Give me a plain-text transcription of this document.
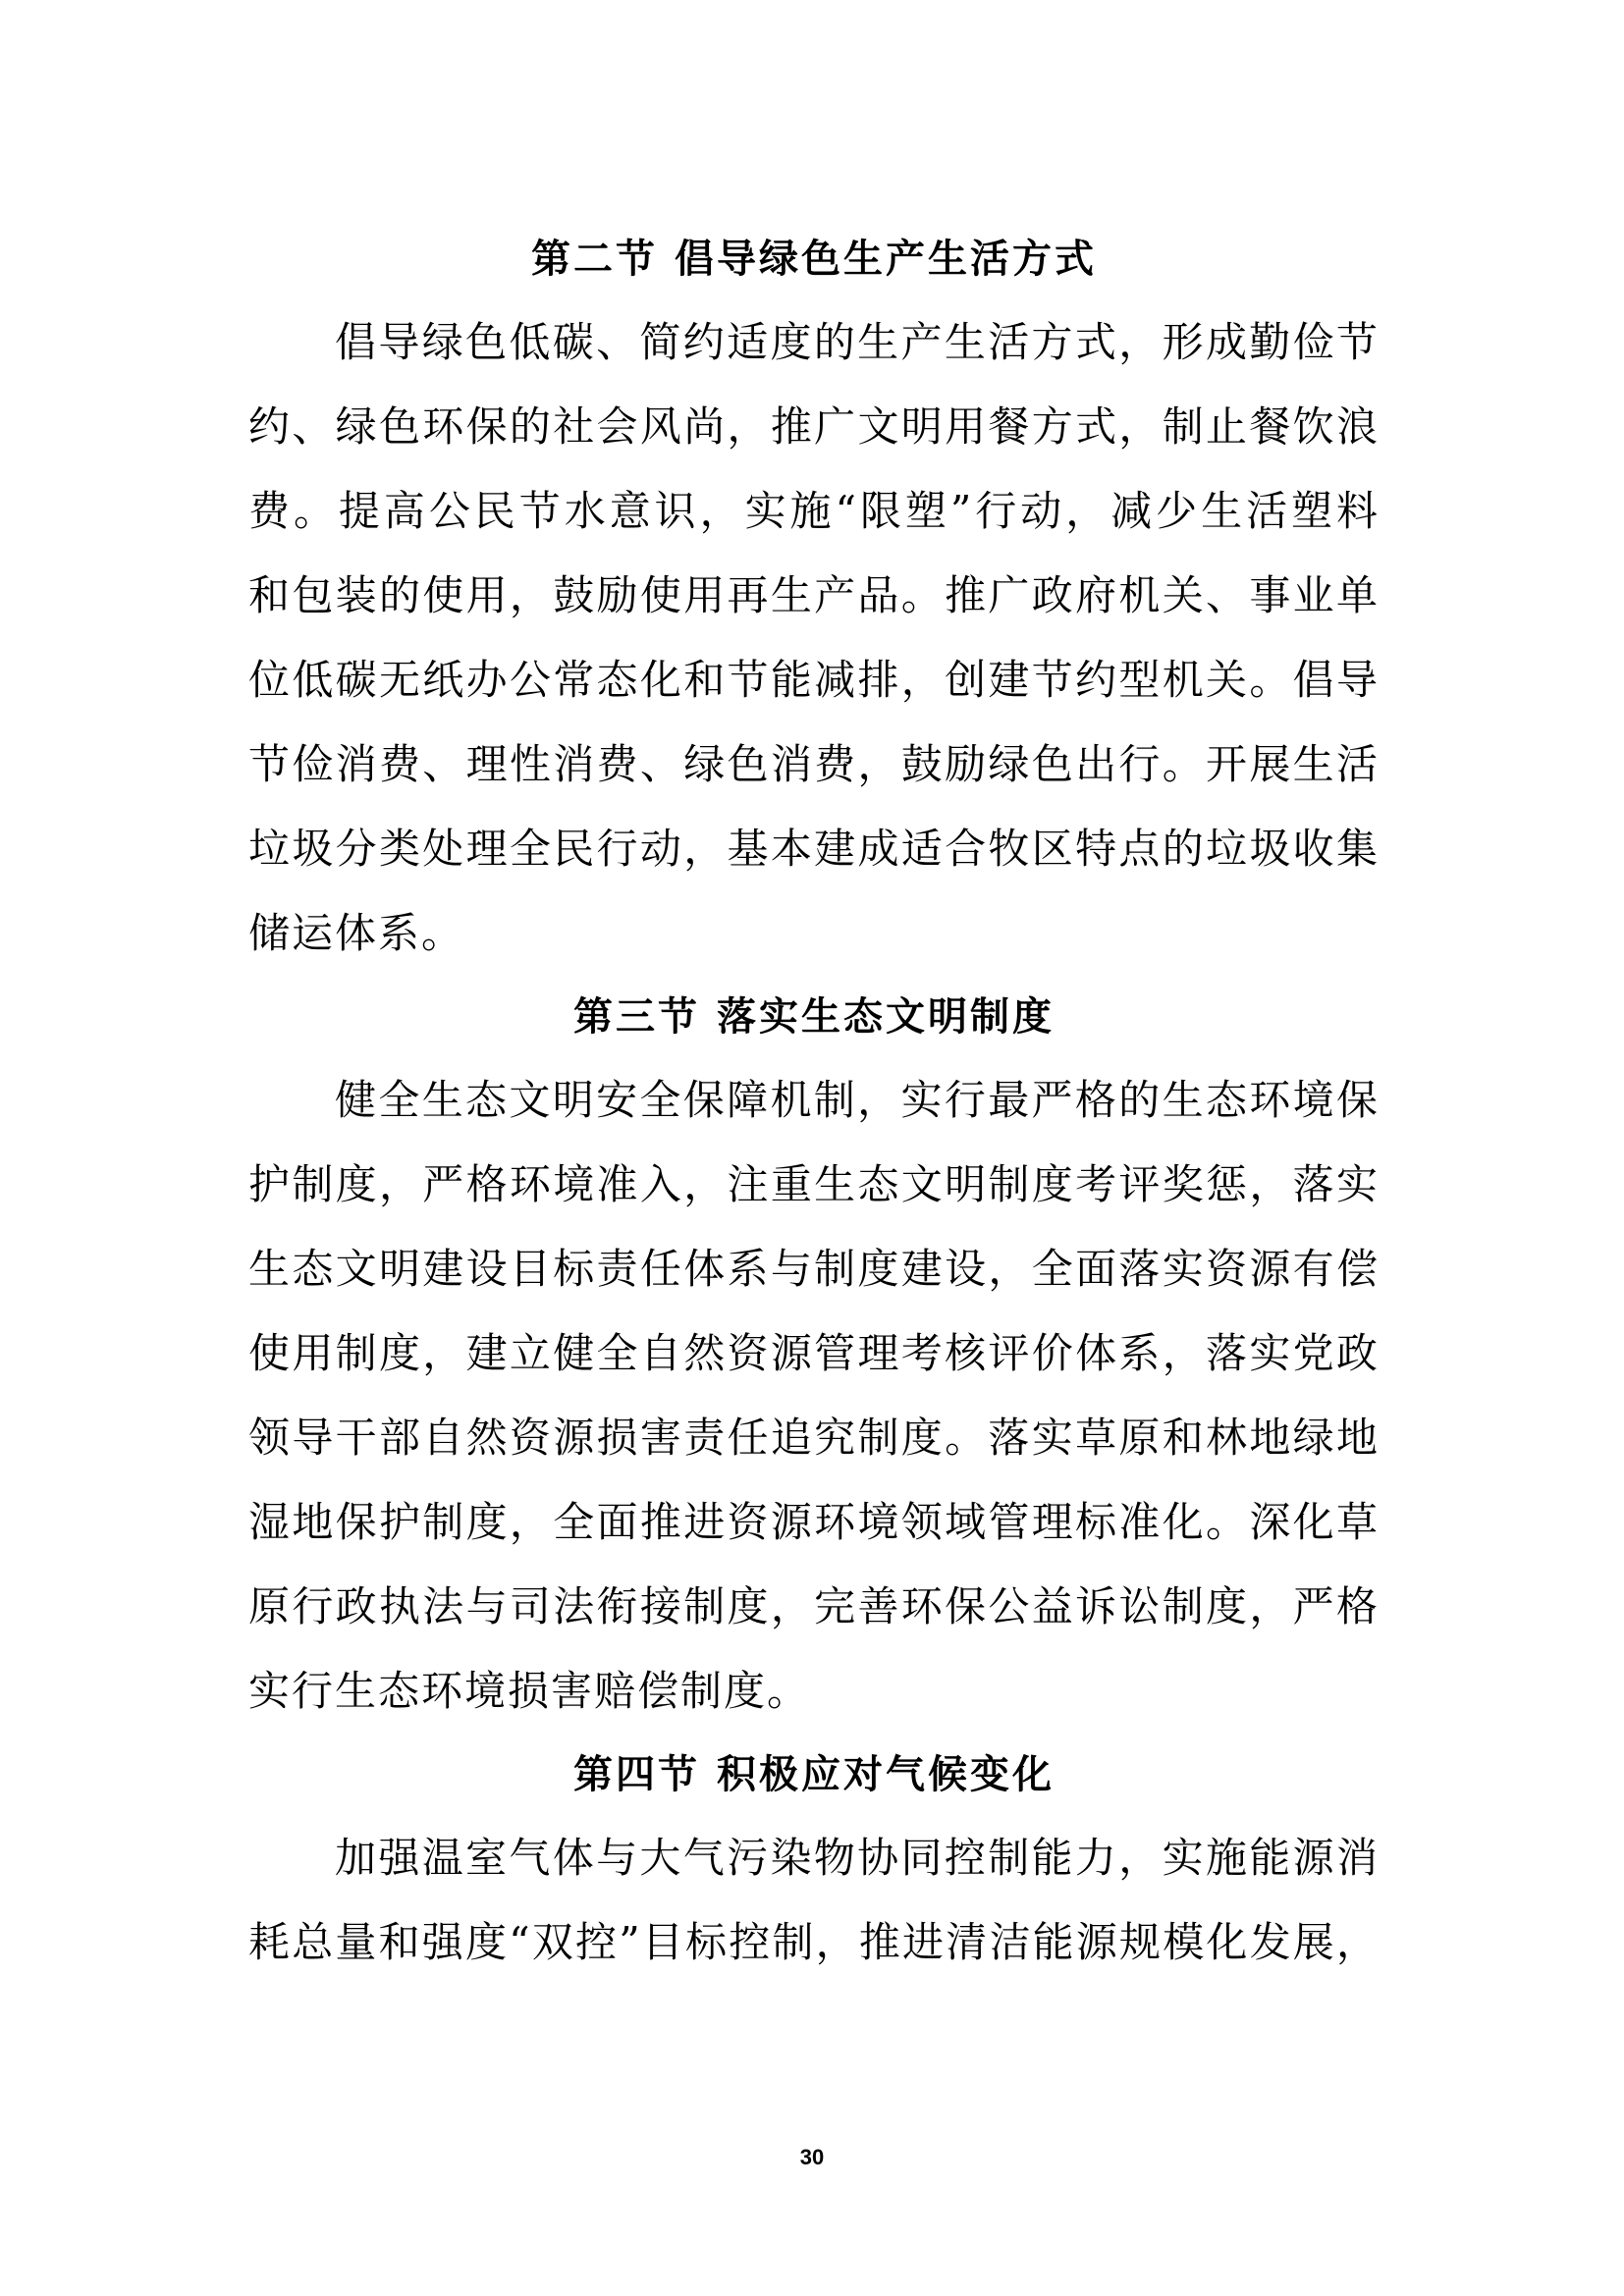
第二节 倡导绿色生产生活方式
倡导绿色低碳、简约适度的生产生活方式，形成勤俭节
约、绿色环保的社会风尚，推广文明用餐方式，制止餐饮浪
费。提高公民节水意识，实施“限塑”行动，减少生活塑料
和包装的使用，鼓励使用再生产品。推广政府机关、事业单
位低碳无纸办公常态化和节能减排，创建节约型机关。倡导
节俭消费、理性消费、绿色消费，鼓励绿色出行。开展生活
垃圾分类处理全民行动，基本建成适合牧区特点的垃圾收集
储运体系。
第三节 落实生态文明制度
健全生态文明安全保障机制，实行最严格的生态环境保
护制度，严格环境准入，注重生态文明制度考评奖惩，落实
生态文明建设目标责任体系与制度建设，全面落实资源有偿
使用制度，建立健全自然资源管理考核评价体系，落实党政
领导干部自然资源损害责任追究制度。落实草原和林地绿地
湿地保护制度，全面推进资源环境领域管理标准化。深化草
原行政执法与司法衔接制度，完善环保公益诉讼制度，严格
实行生态环境损害赔偿制度。
第四节 积极应对气候变化
加强温室气体与大气污染物协同控制能力，实施能源消
耗总量和强度“双控”目标控制，推进清洁能源规模化发展，
30
